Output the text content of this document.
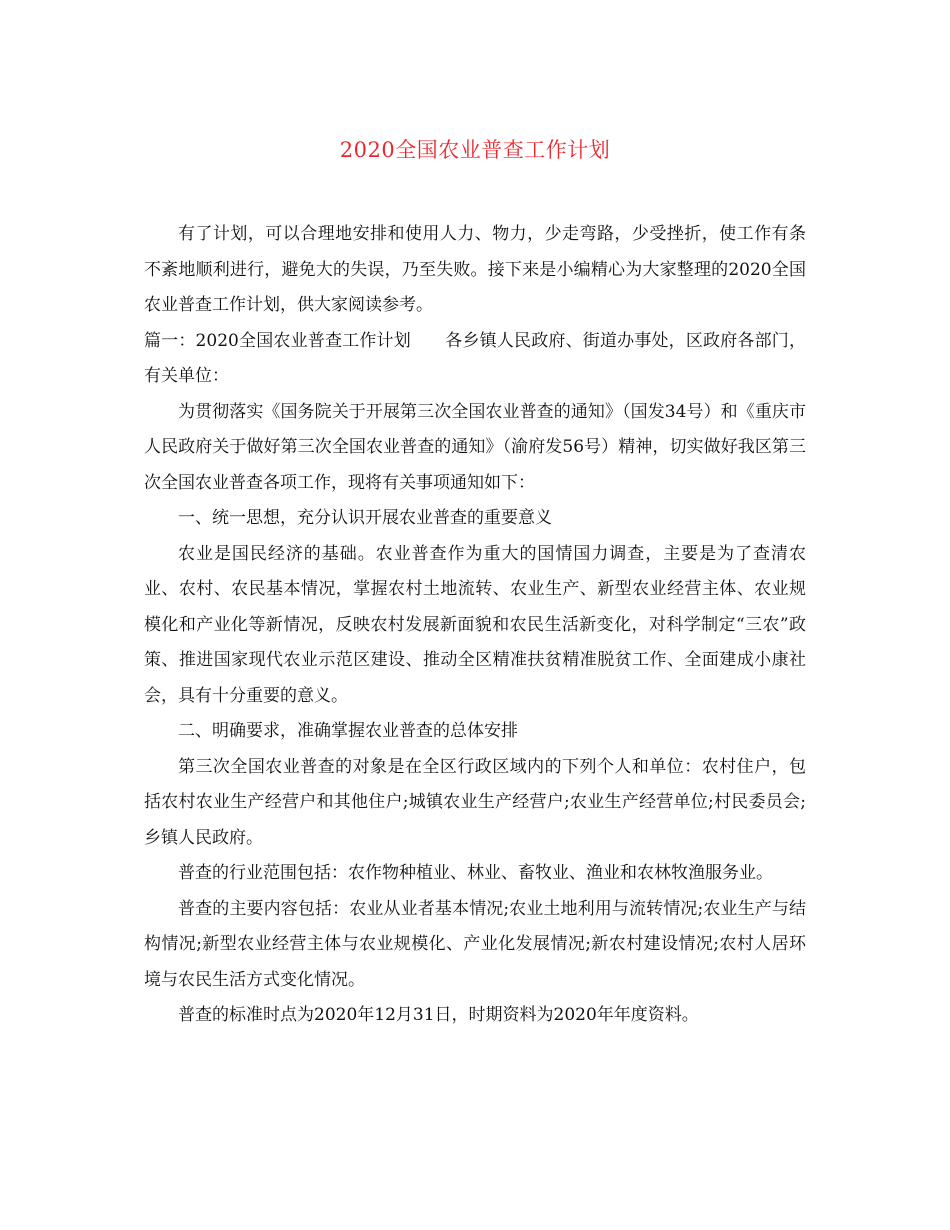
2020全国农业普查工作计划

有了计划，可以合理地安排和使用人力、物力，少走弯路，少受挫折，使工作有条不紊地顺利进行，避免大的失误，乃至失败。接下来是小编精心为大家整理的2020全国农业普查工作计划，供大家阅读参考。

篇一：2020全国农业普查工作计划　　各乡镇人民政府、街道办事处，区政府各部门，有关单位：

为贯彻落实《国务院关于开展第三次全国农业普查的通知》（国发34号）和《重庆市人民政府关于做好第三次全国农业普查的通知》（渝府发56号）精神，切实做好我区第三次全国农业普查各项工作，现将有关事项通知如下：

一、统一思想，充分认识开展农业普查的重要意义

农业是国民经济的基础。农业普查作为重大的国情国力调查，主要是为了查清农业、农村、农民基本情况，掌握农村土地流转、农业生产、新型农业经营主体、农业规模化和产业化等新情况，反映农村发展新面貌和农民生活新变化，对科学制定“三农”政策、推进国家现代农业示范区建设、推动全区精准扶贫精准脱贫工作、全面建成小康社会，具有十分重要的意义。

二、明确要求，准确掌握农业普查的总体安排

第三次全国农业普查的对象是在全区行政区域内的下列个人和单位：农村住户，包括农村农业生产经营户和其他住户;城镇农业生产经营户;农业生产经营单位;村民委员会;乡镇人民政府。

普查的行业范围包括：农作物种植业、林业、畜牧业、渔业和农林牧渔服务业。

普查的主要内容包括：农业从业者基本情况;农业土地利用与流转情况;农业生产与结构情况;新型农业经营主体与农业规模化、产业化发展情况;新农村建设情况;农村人居环境与农民生活方式变化情况。

普查的标准时点为2020年12月31日，时期资料为2020年年度资料。
